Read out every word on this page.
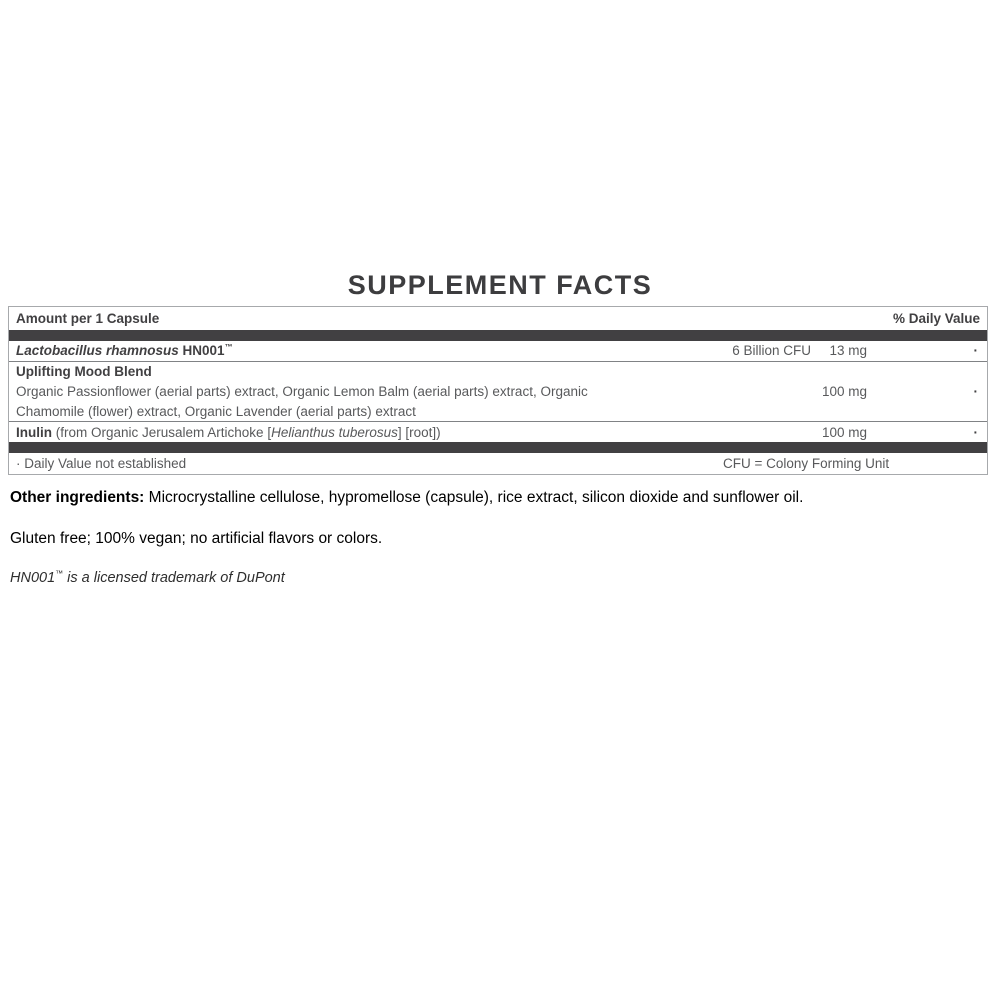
SUPPLEMENT FACTS
Amount per 1 Capsule	% Daily Value
Lactobacillus rhamnosus HN001™	6 Billion CFU 13 mg	·
Uplifting Mood Blend
Organic Passionflower (aerial parts) extract, Organic Lemon Balm (aerial parts) extract, Organic
Chamomile (flower) extract, Organic Lavender (aerial parts) extract
100 mg	·
Inulin (from Organic Jerusalem Artichoke [Helianthus tuberosus] [root])	100 mg	·
· Daily Value not established	CFU = Colony Forming Unit
Other ingredients: Microcrystalline cellulose, hypromellose (capsule), rice extract, silicon dioxide and sunflower oil.
Gluten free; 100% vegan; no artificial flavors or colors.
HN001™ is a licensed trademark of DuPont
